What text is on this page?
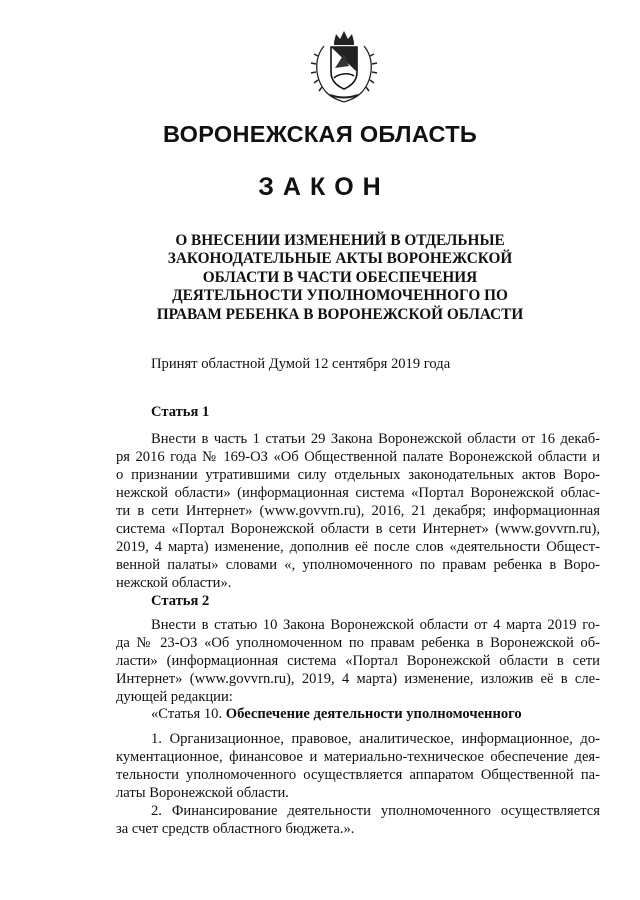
ВОРОНЕЖСКАЯ ОБЛАСТЬ
ЗАКОН
О ВНЕСЕНИИ ИЗМЕНЕНИЙ В ОТДЕЛЬНЫЕ
ЗАКОНОДАТЕЛЬНЫЕ АКТЫ ВОРОНЕЖСКОЙ
ОБЛАСТИ В ЧАСТИ ОБЕСПЕЧЕНИЯ
ДЕЯТЕЛЬНОСТИ УПОЛНОМОЧЕННОГО ПО
ПРАВАМ РЕБЕНКА В ВОРОНЕЖСКОЙ ОБЛАСТИ
Принят областной Думой 12 сентября 2019 года
Статья 1
Внести в часть 1 статьи 29 Закона Воронежской области от 16 декаб-
ря 2016 года № 169-ОЗ «Об Общественной палате Воронежской области и
о признании утратившими силу отдельных законодательных актов Воро-
нежской области» (информационная система «Портал Воронежской облас-
ти в сети Интернет» (www.govvrn.ru), 2016, 21 декабря; информационная
система «Портал Воронежской области в сети Интернет» (www.govvrn.ru),
2019, 4 марта) изменение, дополнив её после слов «деятельности Общест-
венной палаты» словами «, уполномоченного по правам ребенка в Воро-
нежской области».
Статья 2
Внести в статью 10 Закона Воронежской области от 4 марта 2019 го-
да № 23-ОЗ «Об уполномоченном по правам ребенка в Воронежской об-
ласти» (информационная система «Портал Воронежской области в сети
Интернет» (www.govvrn.ru), 2019, 4 марта) изменение, изложив её в сле-
дующей редакции:
«Статья 10. Обеспечение деятельности уполномоченного
1. Организационное, правовое, аналитическое, информационное, до-
кументационное, финансовое и материально-техническое обеспечение дея-
тельности уполномоченного осуществляется аппаратом Общественной па-
латы Воронежской области.
2. Финансирование деятельности уполномоченного осуществляется
за счет средств областного бюджета.».
